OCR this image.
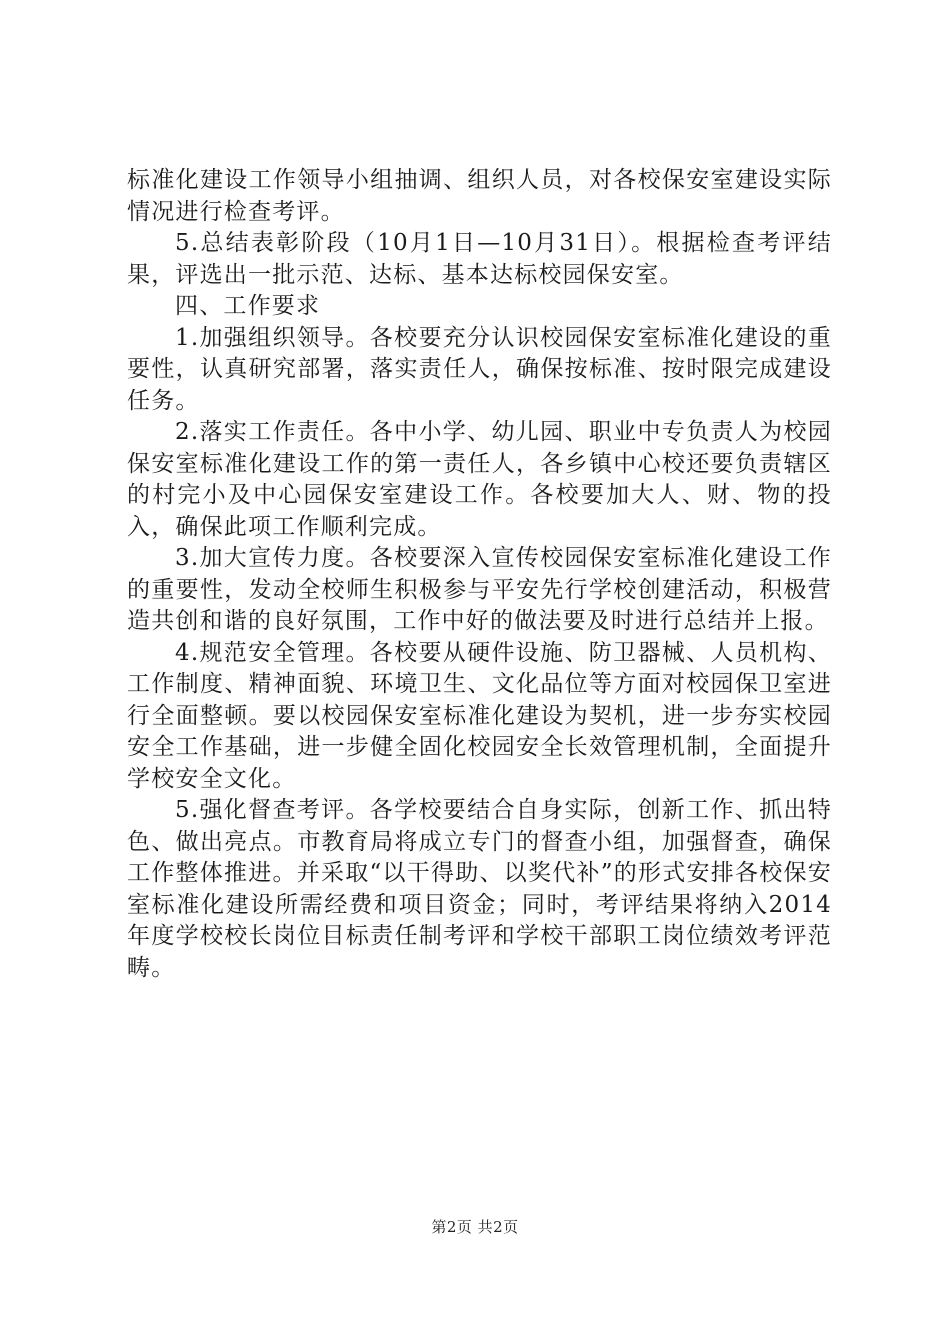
标准化建设工作领导小组抽调、组织人员，对各校保安室建设实际情况进行检查考评。

5.总结表彰阶段（10月1日—10月31日）。根据检查考评结果，评选出一批示范、达标、基本达标校园保安室。

四、工作要求

1.加强组织领导。各校要充分认识校园保安室标准化建设的重要性，认真研究部署，落实责任人，确保按标准、按时限完成建设任务。

2.落实工作责任。各中小学、幼儿园、职业中专负责人为校园保安室标准化建设工作的第一责任人，各乡镇中心校还要负责辖区的村完小及中心园保安室建设工作。各校要加大人、财、物的投入，确保此项工作顺利完成。

3.加大宣传力度。各校要深入宣传校园保安室标准化建设工作的重要性，发动全校师生积极参与平安先行学校创建活动，积极营造共创和谐的良好氛围，工作中好的做法要及时进行总结并上报。

4.规范安全管理。各校要从硬件设施、防卫器械、人员机构、工作制度、精神面貌、环境卫生、文化品位等方面对校园保卫室进行全面整顿。要以校园保安室标准化建设为契机，进一步夯实校园安全工作基础，进一步健全固化校园安全长效管理机制，全面提升学校安全文化。

5.强化督查考评。各学校要结合自身实际，创新工作、抓出特色、做出亮点。市教育局将成立专门的督查小组，加强督查，确保工作整体推进。并采取“以干得助、以奖代补”的形式安排各校保安室标准化建设所需经费和项目资金；同时，考评结果将纳入2014年度学校校长岗位目标责任制考评和学校干部职工岗位绩效考评范畴。

第2页 共2页
